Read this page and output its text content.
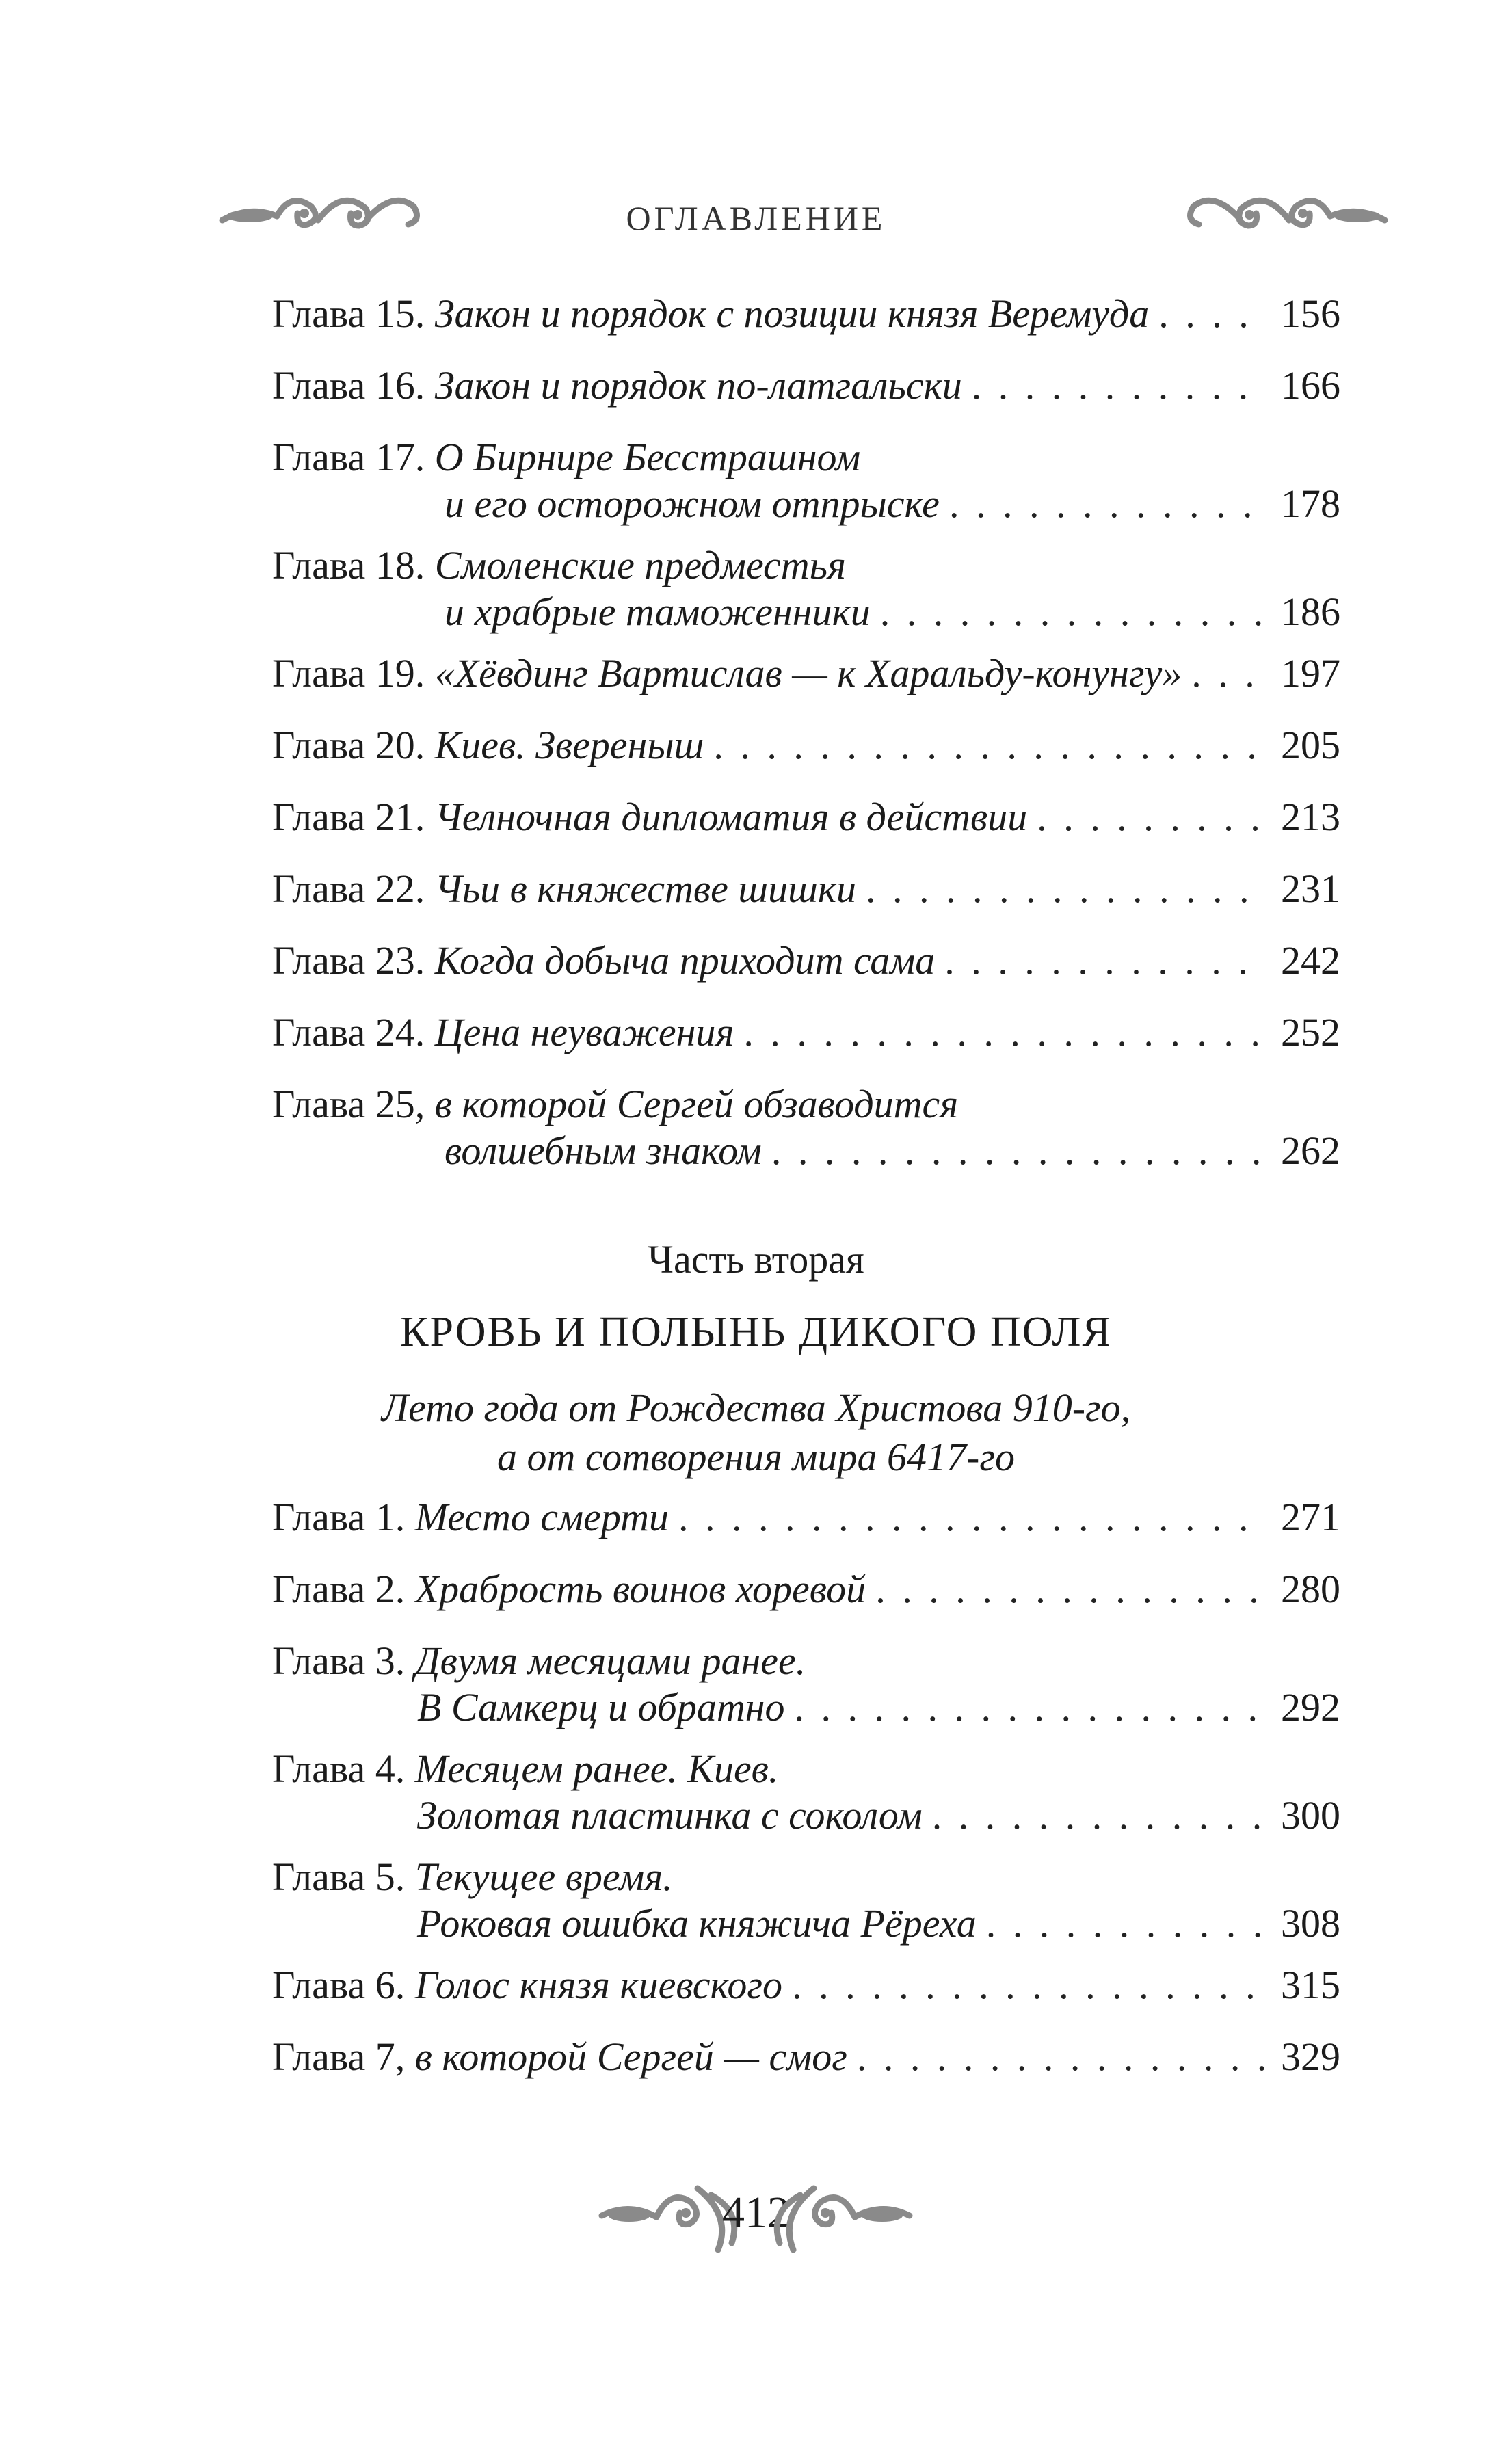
ОГЛАВЛЕНИЕ
Глава 15.
Закон и порядок с позиции князя Веремуда . . .	156
Глава 16.
Закон и порядок по-латгальски . . .	166
Глава 17.
О Бирнире Бесстрашном
и его осторожном отпрыске . . .	178
Глава 18.
Смоленские предместья
и храбрые таможенники . . .	186
Глава 19.
«Хёвдинг Вартислав — к Харальду-конунгу» . . . 197
Глава 20.
Киев. Звереныш . . .	205
Глава 21.
Челночная дипломатия в действии . . .	213
Глава 22.
Чьи в княжестве шишки . . .	231
Глава 23.
Когда добыча приходит сама . . .	242
Глава 24.
Цена неуважения . . .	252
Глава 25,
в которой Сергей обзаводится
волшебным знаком . . .	262
Часть вторая
КРОВЬ И ПОЛЫНЬ ДИКОГО ПОЛЯ
Лето года от Рождества Христова 910-го,
а от сотворения мира 6417-го
Глава 1.
Место смерти . . .	271
Глава 2.
Храбрость воинов хоревой . . .	280
Глава 3.
Двумя месяцами ранее.
В Самкерц и обратно . . .	292
Глава 4.
Месяцем ранее. Киев.
Золотая пластинка с соколом . . .	300
Глава 5.
Текущее время.
Роковая ошибка княжича Рёреха . . .	308
Глава 6.
Голос князя киевского . . .	315
Глава 7,
в которой Сергей — смог . . .	329
412
